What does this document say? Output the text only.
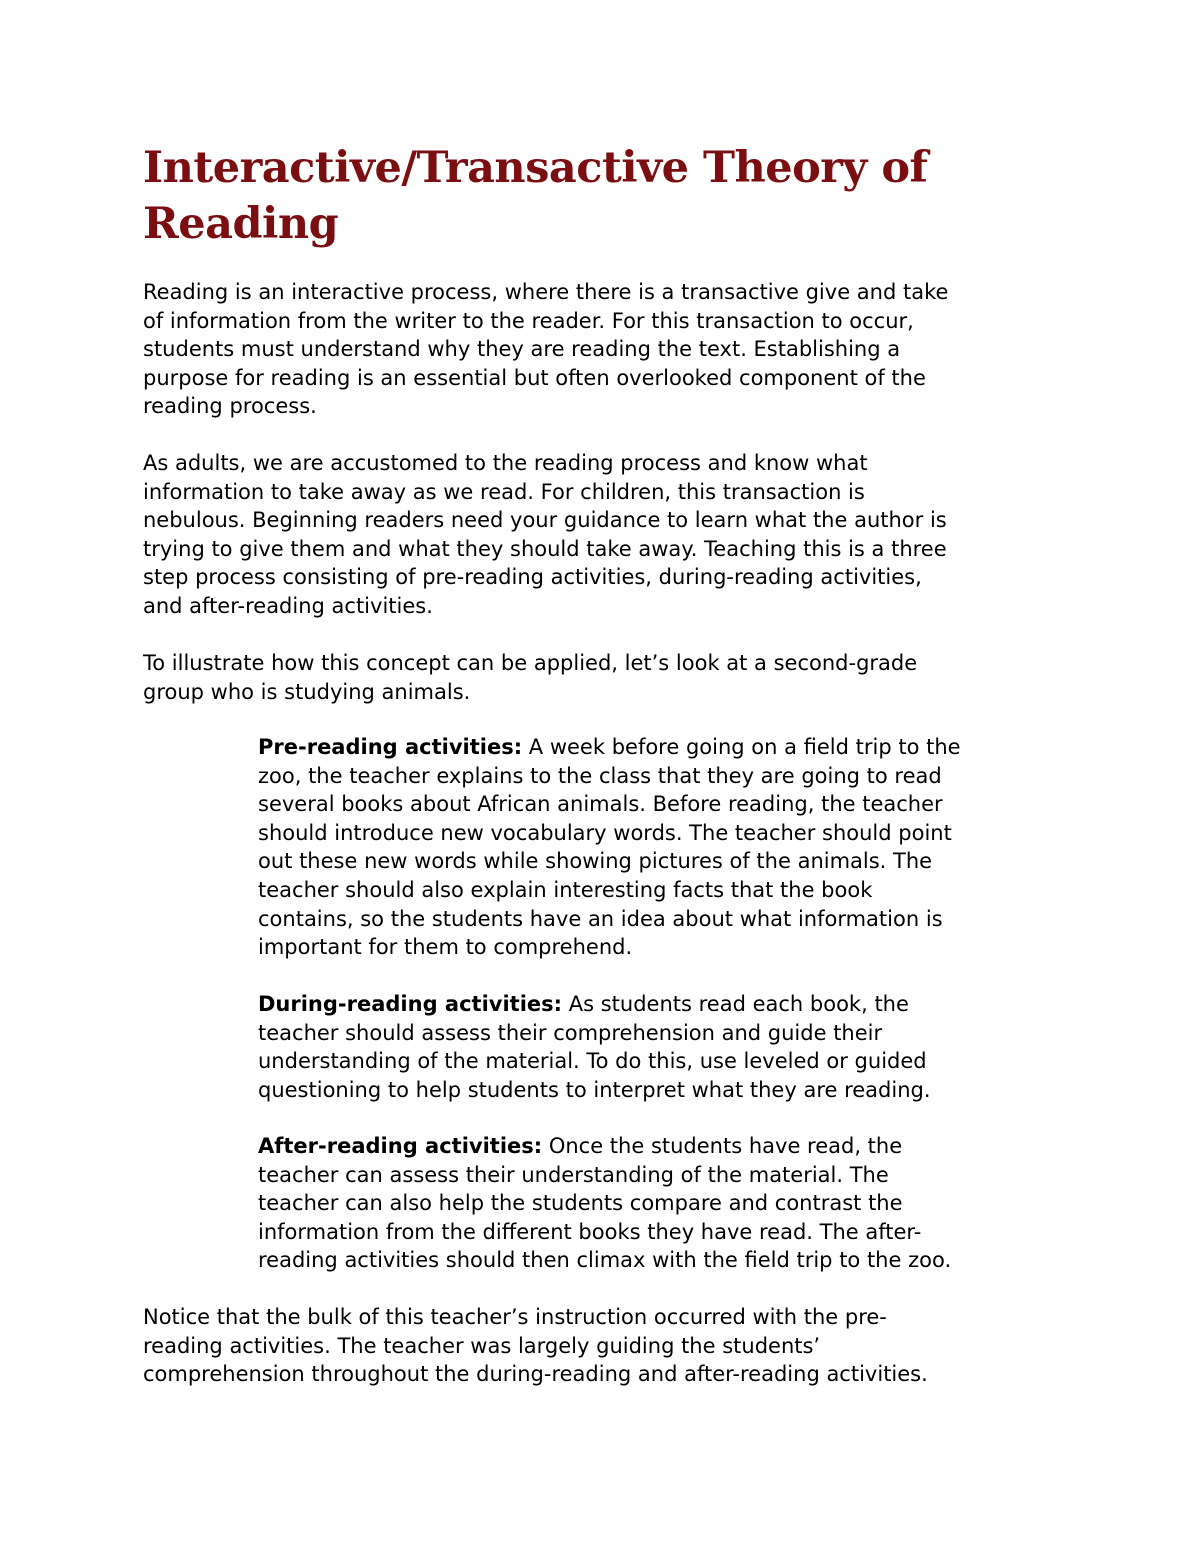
Interactive/Transactive Theory of
Reading

Reading is an interactive process, where there is a transactive give and take
of information from the writer to the reader. For this transaction to occur,
students must understand why they are reading the text. Establishing a
purpose for reading is an essential but often overlooked component of the
reading process.

As adults, we are accustomed to the reading process and know what
information to take away as we read. For children, this transaction is
nebulous. Beginning readers need your guidance to learn what the author is
trying to give them and what they should take away. Teaching this is a three
step process consisting of pre-reading activities, during-reading activities,
and after-reading activities.

To illustrate how this concept can be applied, let’s look at a second-grade
group who is studying animals.

Pre-reading activities: A week before going on a field trip to the
zoo, the teacher explains to the class that they are going to read
several books about African animals. Before reading, the teacher
should introduce new vocabulary words. The teacher should point
out these new words while showing pictures of the animals. The
teacher should also explain interesting facts that the book
contains, so the students have an idea about what information is
important for them to comprehend.

During-reading activities: As students read each book, the
teacher should assess their comprehension and guide their
understanding of the material. To do this, use leveled or guided
questioning to help students to interpret what they are reading.

After-reading activities: Once the students have read, the
teacher can assess their understanding of the material. The
teacher can also help the students compare and contrast the
information from the different books they have read. The after-
reading activities should then climax with the field trip to the zoo.

Notice that the bulk of this teacher’s instruction occurred with the pre-
reading activities. The teacher was largely guiding the students’
comprehension throughout the during-reading and after-reading activities.
